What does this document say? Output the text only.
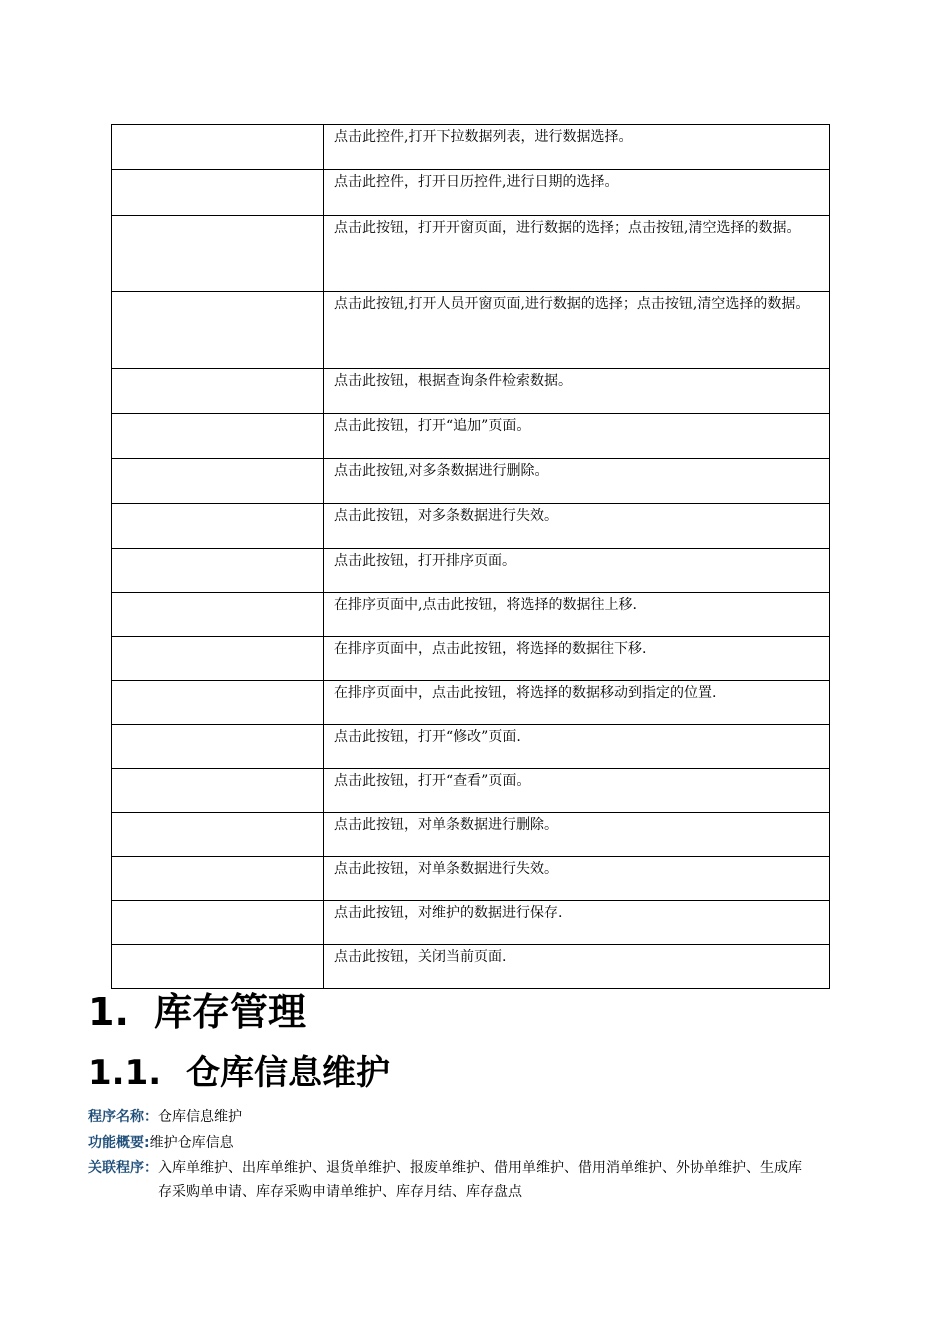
	点击此控件,打开下拉数据列表，进行数据选择。
	点击此控件，打开日历控件,进行日期的选择。
	点击此按钮，打开开窗页面，进行数据的选择；点击按钮,清空选择的数据。
	点击此按钮,打开人员开窗页面,进行数据的选择；点击按钮,清空选择的数据。
	点击此按钮，根据查询条件检索数据。
	点击此按钮，打开“追加”页面。
	点击此按钮,对多条数据进行删除。
	点击此按钮，对多条数据进行失效。
	点击此按钮，打开排序页面。
	在排序页面中,点击此按钮，将选择的数据往上移.
	在排序页面中，点击此按钮，将选择的数据往下移.
	在排序页面中，点击此按钮，将选择的数据移动到指定的位置.
	点击此按钮，打开“修改”页面.
	点击此按钮，打开“查看”页面。
	点击此按钮，对单条数据进行删除。
	点击此按钮，对单条数据进行失效。
	点击此按钮，对维护的数据进行保存.
	点击此按钮，关闭当前页面.
1. 库存管理
1.1. 仓库信息维护
程序名称：仓库信息维护
功能概要:维护仓库信息
关联程序： 入库单维护、出库单维护、退货单维护、报废单维护、借用单维护、借用消单维护、外协单维护、生成库存采购单申请、库存采购申请单维护、库存月结、库存盘点
